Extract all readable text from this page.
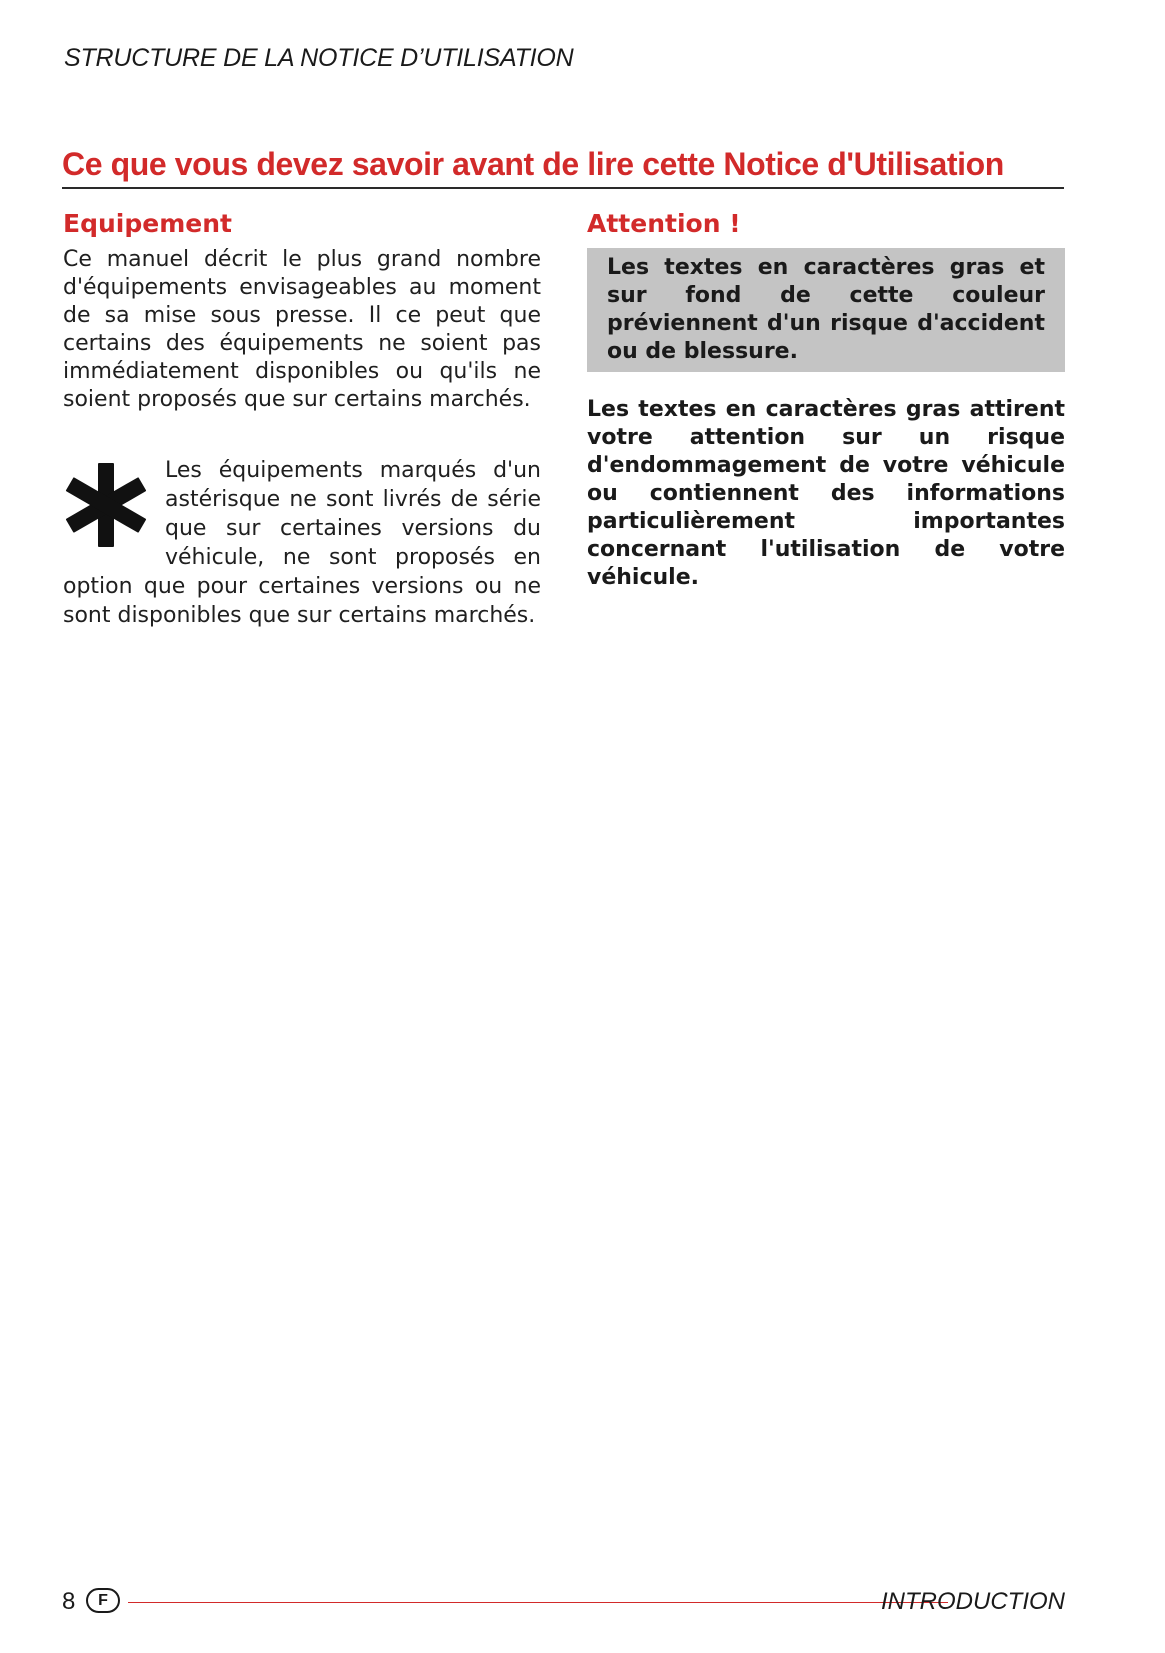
STRUCTURE DE LA NOTICE D’UTILISATION
Ce que vous devez savoir avant de lire cette Notice d'Utilisation
Equipement

Ce manuel décrit le plus grand nombre d'équipements envisageables au moment de sa mise sous presse. Il ce peut que certains des équipements ne soient pas immédiatement disponibles ou qu'ils ne soient proposés que sur certains marchés.

Les équipements marqués d'un astérisque ne sont livrés de série que sur certaines versions du véhicule, ne sont proposés en option que pour certaines versions ou ne sont disponibles que sur certains marchés.
Attention !

Les textes en caractères gras et sur fond de cette couleur préviennent d'un risque d'accident ou de blessure.

Les textes en caractères gras attirent votre attention sur un risque d'endommagement de votre véhicule ou contiennent des informations particulièrement importantes concernant l'utilisation de votre véhicule.

8	F	INTRODUCTION
